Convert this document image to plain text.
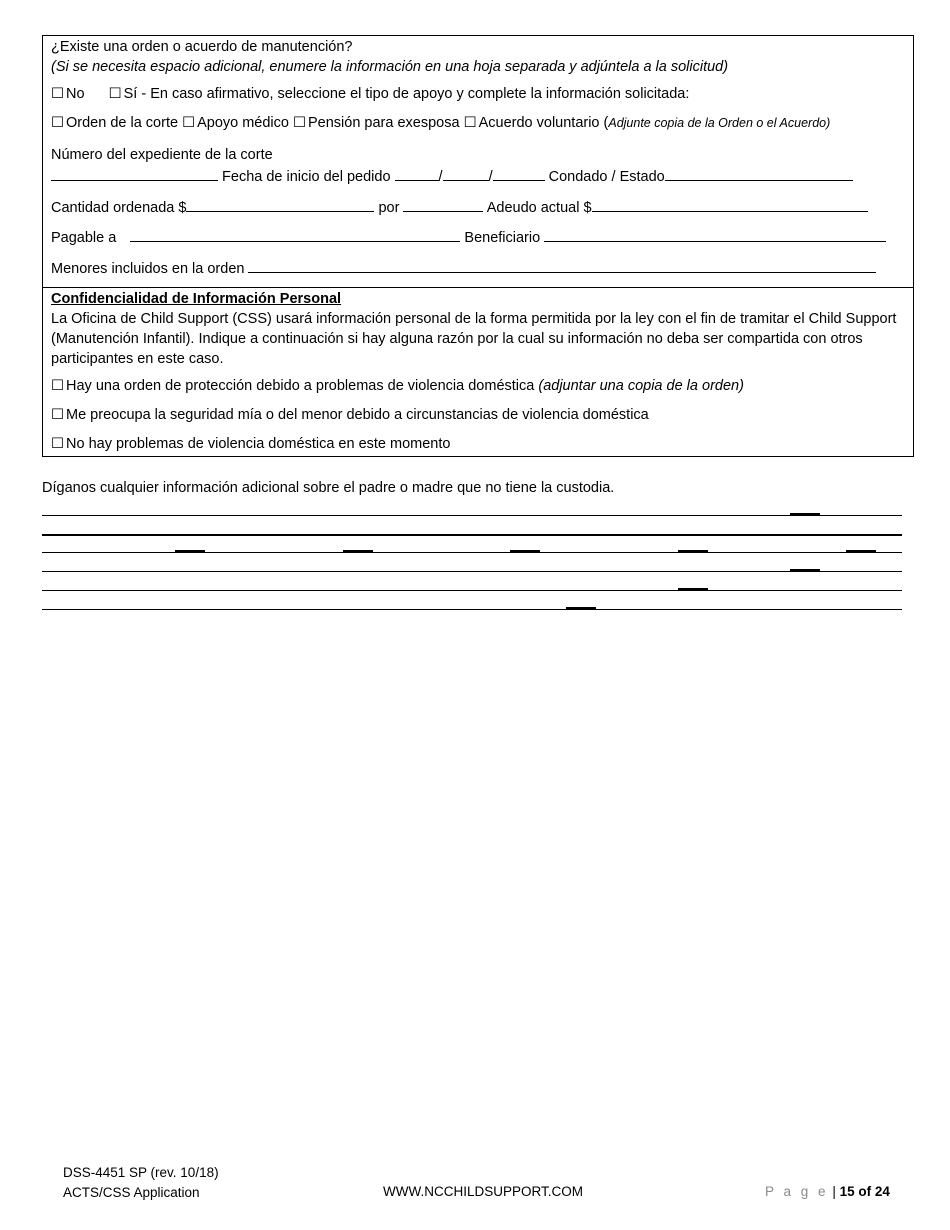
¿Existe una orden o acuerdo de manutención?
(Si se necesita espacio adicional, enumere la información en una hoja separada y adjúntela a la solicitud)
☐ No ☐ Sí - En caso afirmativo, seleccione el tipo de apoyo y complete la información solicitada:
☐ Orden de la corte ☐ Apoyo médico ☐ Pensión para exesposa ☐ Acuerdo voluntario (Adjunte copia de la Orden o el Acuerdo)
Número del expediente de la corte
Fecha de inicio del pedido	/	/	Condado / Estado
Cantidad ordenada $	por	Adeudo actual $
Pagable a	Beneficiario
Menores incluidos en la orden
Confidencialidad de Información Personal
La Oficina de Child Support (CSS) usará información personal de la forma permitida por la ley con el fin de tramitar el Child Support (Manutención Infantil). Indique a continuación si hay alguna razón por la cual su información no deba ser compartida con otros participantes en este caso.
☐ Hay una orden de protección debido a problemas de violencia doméstica (adjuntar una copia de la orden)
☐ Me preocupa la seguridad mía o del menor debido a circunstancias de violencia doméstica
☐ No hay problemas de violencia doméstica en este momento
Díganos cualquier información adicional sobre el padre o madre que no tiene la custodia.
DSS-4451 SP (rev. 10/18)
ACTS/CSS Application	WWW.NCCHILDSUPPORT.COM	P a g e | 15 of 24
